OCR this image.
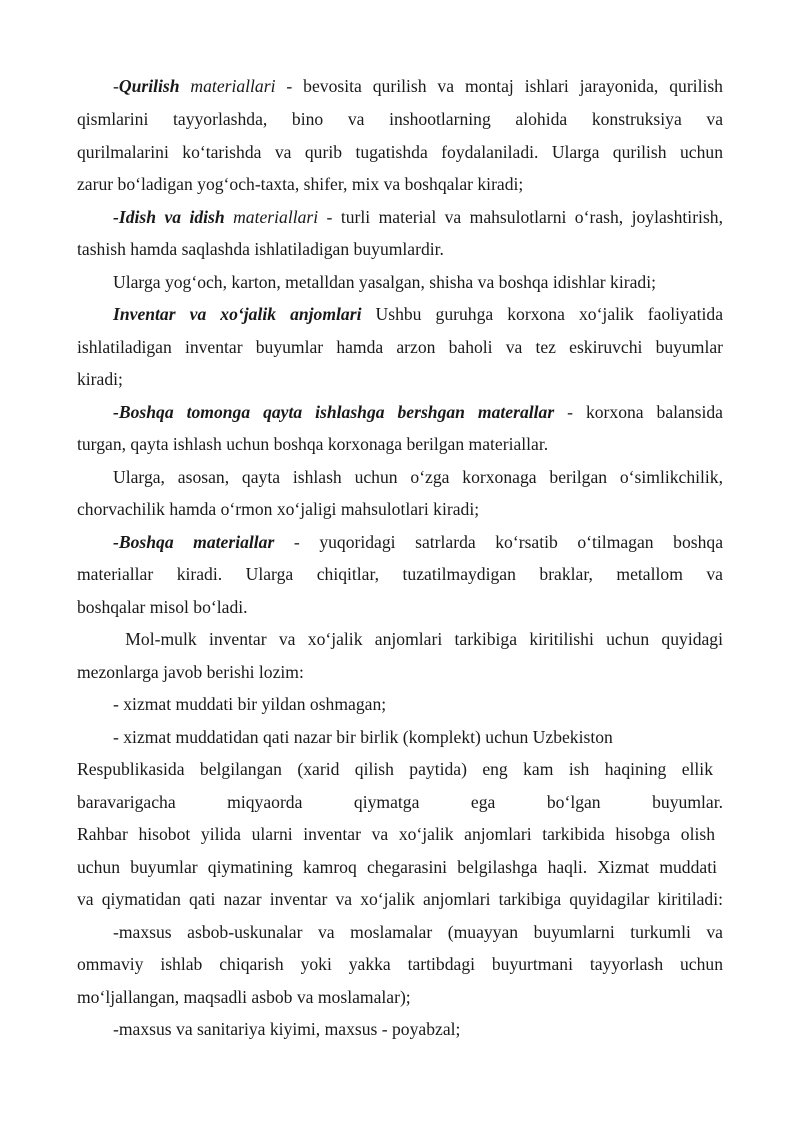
-Qurilish materiallari - bevosita qurilish va montaj ishlari jarayonida, qurilish
qismlarini tayyorlashda, bino va inshootlarning alohida konstruksiya va
qurilmalarini ko‘tarishda va qurib tugatishda foydalaniladi. Ularga qurilish uchun
zarur bo‘ladigan yog‘och-taxta, shifer, mix va boshqalar kiradi;
-Idish va idish materiallari - turli material va mahsulotlarni o‘rash, joylashtirish,
tashish hamda saqlashda ishlatiladigan buyumlardir.
Ularga yog‘och, karton, metalldan yasalgan, shisha va boshqa idishlar kiradi;
Inventar va xo‘jalik anjomlari Ushbu guruhga korxona xo‘jalik faoliyatida
ishlatiladigan inventar buyumlar hamda arzon baholi va tez eskiruvchi buyumlar
kiradi;
-Boshqa tomonga qayta ishlashga bershgan materallar - korxona balansida
turgan, qayta ishlash uchun boshqa korxonaga berilgan materiallar.
Ularga, asosan, qayta ishlash uchun o‘zga korxonaga berilgan o‘simlikchilik,
chorvachilik hamda o‘rmon xo‘jaligi mahsulotlari kiradi;
-Boshqa materiallar - yuqoridagi satrlarda ko‘rsatib o‘tilmagan boshqa
materiallar kiradi. Ularga chiqitlar, tuzatilmaydigan braklar, metallom va
boshqalar misol bo‘ladi.
Mol-mulk inventar va xo‘jalik anjomlari tarkibiga kiritilishi uchun quyidagi
mezonlarga javob berishi lozim:
- xizmat muddati bir yildan oshmagan;
- xizmat muddatidan qati nazar bir birlik (komplekt) uchun Uzbekiston
Respublikasida belgilangan (xarid qilish paytida) eng kam ish haqining ellik
baravarigacha miqyaorda qiymatga ega bo‘lgan buyumlar.
Rahbar hisobot yilida ularni inventar va xo‘jalik anjomlari tarkibida hisobga olish
uchun buyumlar qiymatining kamroq chegarasini belgilashga haqli. Xizmat muddati
va qiymatidan qati nazar inventar va xo‘jalik anjomlari tarkibiga quyidagilar kiritiladi:
-maxsus asbob-uskunalar va moslamalar (muayyan buyumlarni turkumli va
ommaviy ishlab chiqarish yoki yakka tartibdagi buyurtmani tayyorlash uchun
mo‘ljallangan, maqsadli asbob va moslamalar);
-maxsus va sanitariya kiyimi, maxsus - poyabzal;
